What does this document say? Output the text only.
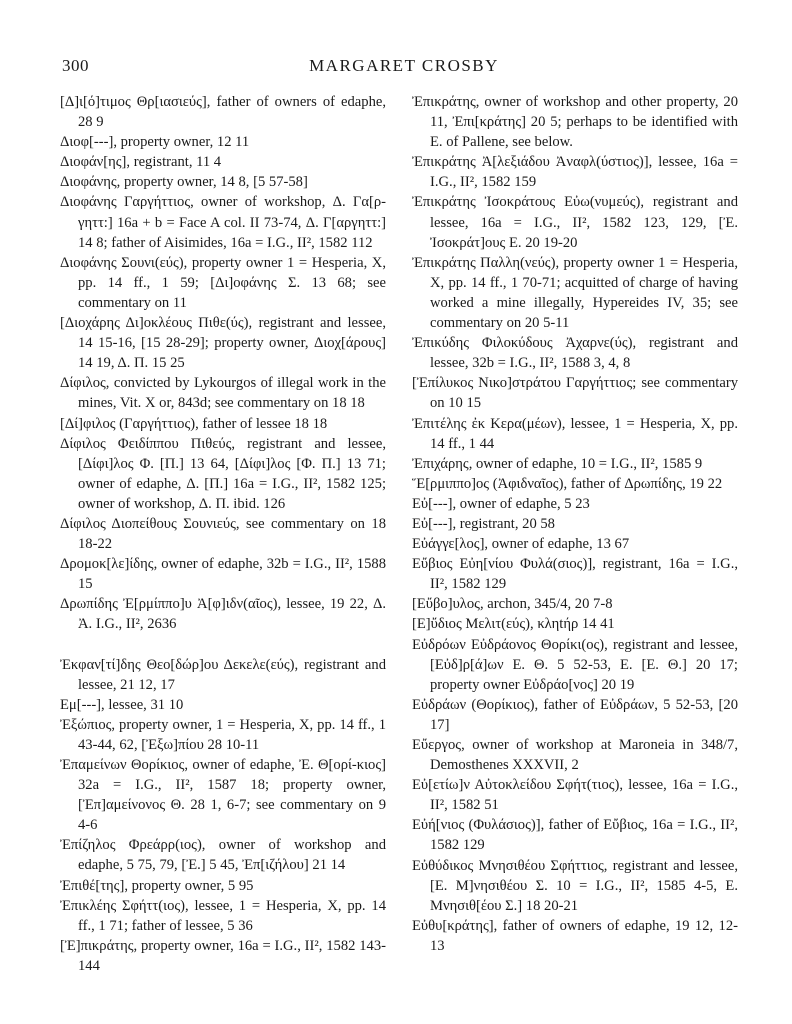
300	MARGARET CROSBY

[Δ]ι[ό]τιμος Θρ[ιασιεύς], father of owners of edaphe, 28 9

Διοφ[---], property owner, 12 11

Διοφάν[ης], registrant, 11 4

Διοφάνης, property owner, 14 8, [5 57-58]

Διοφάνης Γαργήττιος, owner of workshop, Δ. Γα[ρ-γηττ:] 16a + b = Face A col. II 73-74, Δ. Γ[αργηττ:] 14 8; father of Aisimides, 16a = I.G., II², 1582 112

Διοφάνης Σουνι(εύς), property owner 1 = Hesperia, X, pp. 14 ff., 1 59; [Δι]οφάνης Σ. 13 68; see commentary on 11

[Διοχάρης Δι]οκλέους Πιθε(ύς), registrant and lessee, 14 15-16, [15 28-29]; property owner, Διοχ[άρους] 14 19, Δ. Π. 15 25

Δίφιλος, convicted by Lykourgos of illegal work in the mines, Vit. X or, 843d; see commentary on 18 18

[Δί]φιλος (Γαργήττιος), father of lessee 18 18

Δίφιλος Φειδίππου Πιθεύς, registrant and lessee, [Δίφι]λος Φ. [Π.] 13 64, [Δίφι]λος [Φ. Π.] 13 71; owner of edaphe, Δ. [Π.] 16a = I.G., II², 1582 125; owner of workshop, Δ. Π. ibid. 126

Δίφιλος Διοπείθους Σουνιεύς, see commentary on 18 18-22

Δρομοκ[λε]ίδης, owner of edaphe, 32b = I.G., II², 1588 15

Δρωπίδης Ἐ[ρμίππο]υ Ἀ[φ]ιδν(αῖος), lessee, 19 22, Δ. Ἀ. I.G., II², 2636

Ἐκφαν[τί]δης Θεο[δώρ]ου Δεκελε(εύς), registrant and lessee, 21 12, 17

Εμ[---], lessee, 31 10

Ἐξώπιος, property owner, 1 = Hesperia, X, pp. 14 ff., 1 43-44, 62, [Ἐξω]πίου 28 10-11

Ἐπαμείνων Θορίκιος, owner of edaphe, Ἐ. Θ[ορί-κιος] 32a = I.G., II², 1587 18; property owner, [Ἐπ]αμείνονος Θ. 28 1, 6-7; see commentary on 9 4-6

Ἐπίζηλος Φρεάρρ(ιος), owner of workshop and edaphe, 5 75, 79, [Ἐ.] 5 45, Ἐπ[ιζήλου] 21 14

Ἐπιθέ[της], property owner, 5 95

Ἐπικλέης Σφήττ(ιος), lessee, 1 = Hesperia, X, pp. 14 ff., 1 71; father of lessee, 5 36

[Ἐ]πικράτης, property owner, 16a = I.G., II², 1582 143-144

Ἐπικράτης, owner of workshop and other property, 20 11, Ἐπι[κράτης] 20 5; perhaps to be identified with E. of Pallene, see below.

Ἐπικράτης Ἀ[λεξιάδου Ἀναφλ(ύστιος)], lessee, 16a = I.G., II², 1582 159

Ἐπικράτης Ἰσοκράτους Εὐω(νυμεύς), registrant and lessee, 16a = I.G., II², 1582 123, 129, [Ἐ. Ἰσοκράτ]ους Ε. 20 19-20

Ἐπικράτης Παλλη(νεύς), property owner 1 = Hesperia, X, pp. 14 ff., 1 70-71; acquitted of charge of having worked a mine illegally, Hypereides IV, 35; see commentary on 20 5-11

Ἐπικύδης Φιλοκύδους Ἀχαρνε(ύς), registrant and lessee, 32b = I.G., II², 1588 3, 4, 8

[Ἐπίλυκος Νικο]στράτου Γαργήττιος; see commentary on 10 15

Ἐπιτέλης ἐκ Κερα(μέων), lessee, 1 = Hesperia, X, pp. 14 ff., 1 44

Ἐπιχάρης, owner of edaphe, 10 = I.G., II², 1585 9

Ἕ[ρμιππο]ος (Ἀφιδναῖος), father of Δρωπίδης, 19 22

Εὐ[---], owner of edaphe, 5 23

Εὐ[---], registrant, 20 58

Εὐάγγε[λος], owner of edaphe, 13 67

Εὔβιος Εὐη[νίου Φυλά(σιος)], registrant, 16a = I.G., II², 1582 129

[Εὔβο]υλος, archon, 345/4, 20 7-8

[Ε]ὔδιος Μελιτ(εύς), κληtήρ 14 41

Εὐδρόων Εὐδράονος Θορίκι(ος), registrant and lessee, [Εὐδ]ρ[ά]ων Ε. Θ. 5 52-53, Ε. [Ε. Θ.] 20 17; property owner Εὐδράο[νος] 20 19

Εὐδράων (Θορίκιος), father of Εὐδράων, 5 52-53, [20 17]

Εὔεργος, owner of workshop at Maroneia in 348/7, Demosthenes XXXVII, 2

Εὐ[ετίω]ν Αὐτοκλείδου Σφήτ(τιος), lessee, 16a = I.G., II², 1582 51

Εὐή[νιος (Φυλάσιος)], father of Εὔβιος, 16a = I.G., II², 1582 129

Εὐθύδικος Μνησιθέου Σφήττιος, registrant and lessee, [Ε. Μ]νησιθέου Σ. 10 = I.G., II², 1585 4-5, Ε. Μνησιθ[έου Σ.] 18 20-21

Εὐθυ[κράτης], father of owners of edaphe, 19 12, 12-13
